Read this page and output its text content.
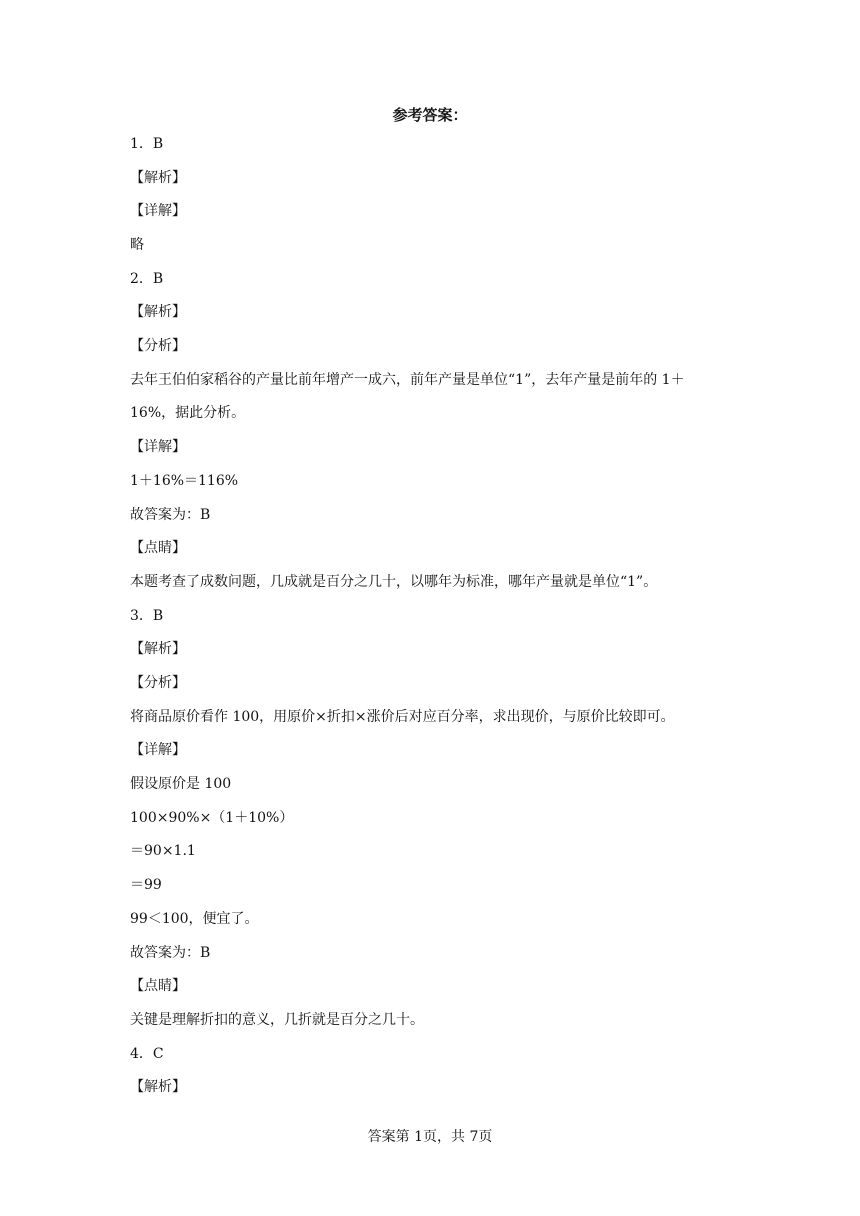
参考答案：
1．B
【解析】
【详解】
略
2．B
【解析】
【分析】
去年王伯伯家稻谷的产量比前年增产一成六，前年产量是单位“1”，去年产量是前年的 1＋
16%，据此分析。
【详解】
1＋16%＝116%
故答案为：B
【点睛】
本题考查了成数问题，几成就是百分之几十，以哪年为标准，哪年产量就是单位“1”。
3．B
【解析】
【分析】
将商品原价看作 100，用原价×折扣×涨价后对应百分率，求出现价，与原价比较即可。
【详解】
假设原价是 100
100×90%×（1＋10%）
＝90×1.1
＝99
99＜100，便宜了。
故答案为：B
【点睛】
关键是理解折扣的意义，几折就是百分之几十。
4．C
【解析】
答案第 1页，共 7页
